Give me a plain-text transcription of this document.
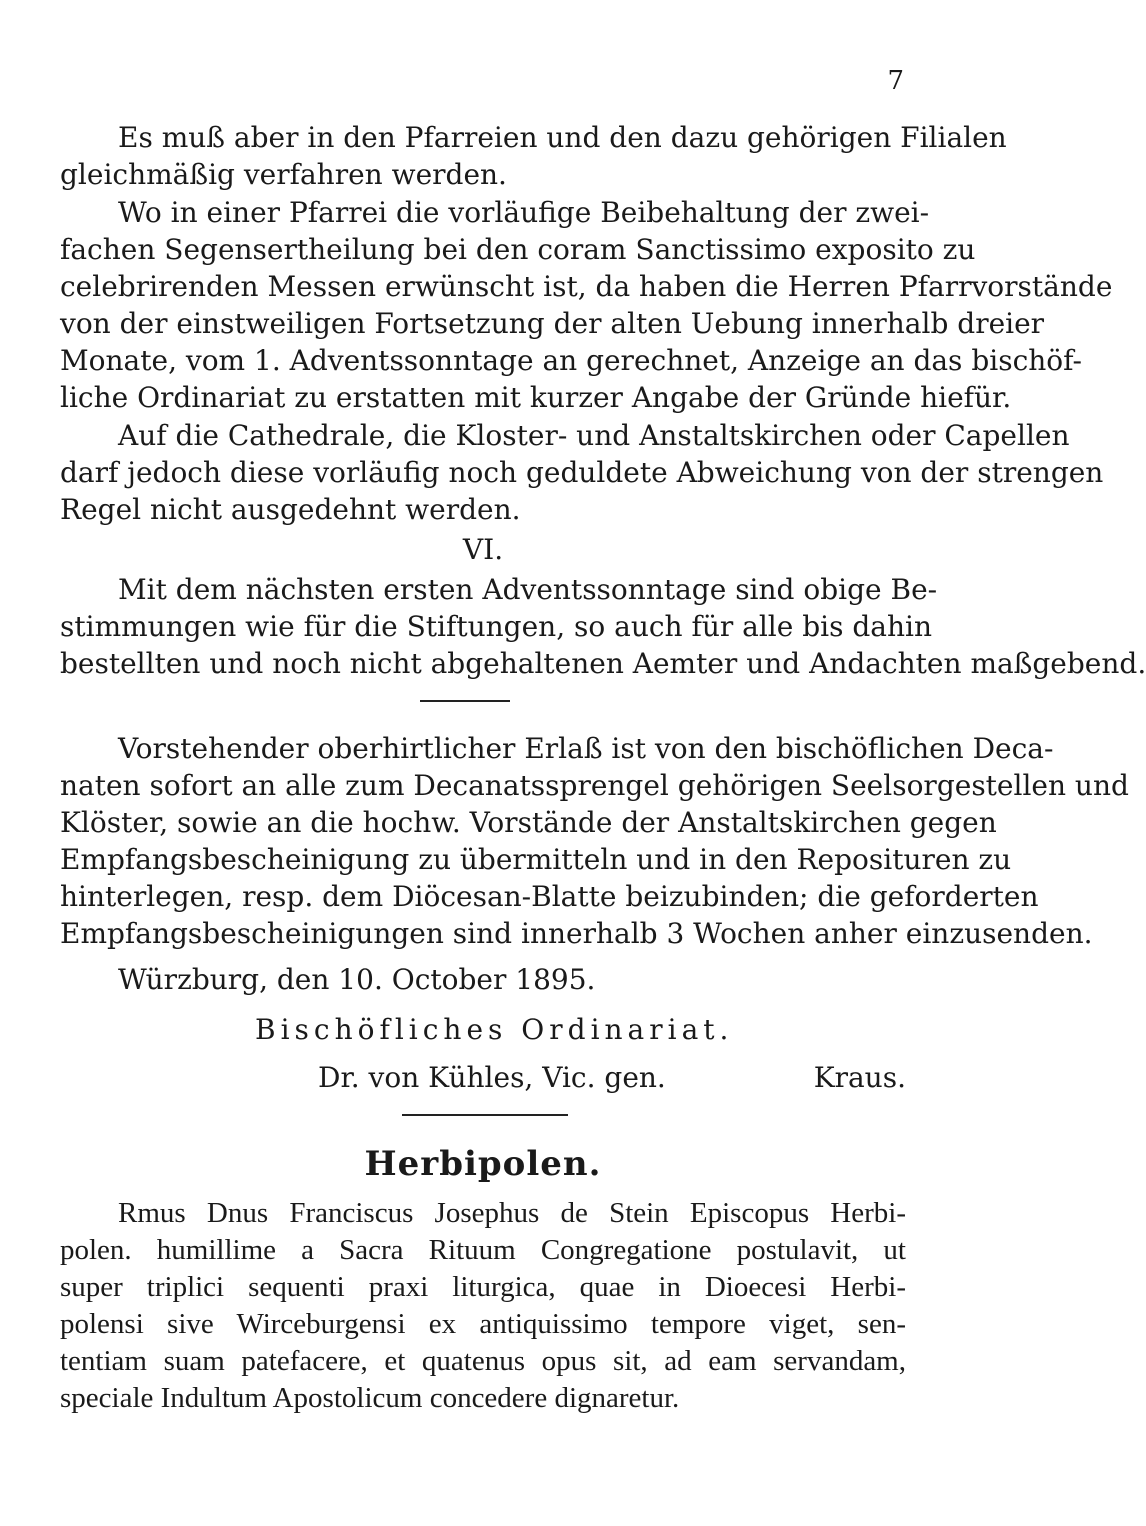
7
Es muß aber in den Pfarreien und den dazu gehörigen Filialen
gleichmäßig verfahren werden.
Wo in einer Pfarrei die vorläufige Beibehaltung der zwei-
fachen Segensertheilung bei den coram Sanctissimo exposito zu
celebrirenden Messen erwünscht ist, da haben die Herren Pfarrvorstände
von der einstweiligen Fortsetzung der alten Uebung innerhalb dreier
Monate, vom 1. Adventssonntage an gerechnet, Anzeige an das bischöf-
liche Ordinariat zu erstatten mit kurzer Angabe der Gründe hiefür.
Auf die Cathedrale, die Kloster- und Anstaltskirchen oder Capellen
darf jedoch diese vorläufig noch geduldete Abweichung von der strengen
Regel nicht ausgedehnt werden.
VI.
Mit dem nächsten ersten Adventssonntage sind obige Be-
stimmungen wie für die Stiftungen, so auch für alle bis dahin
bestellten und noch nicht abgehaltenen Aemter und Andachten maßgebend.
Vorstehender oberhirtlicher Erlaß ist von den bischöflichen Deca-
naten sofort an alle zum Decanatssprengel gehörigen Seelsorgestellen und
Klöster, sowie an die hochw. Vorstände der Anstaltskirchen gegen
Empfangsbescheinigung zu übermitteln und in den Reposituren zu
hinterlegen, resp. dem Diöcesan-Blatte beizubinden; die geforderten
Empfangsbescheinigungen sind innerhalb 3 Wochen anher einzusenden.
Würzburg, den 10. October 1895.
Bischöfliches Ordinariat.
Dr. von Kühles, Vic. gen.	Kraus.
Herbipolen.
Rmus Dnus Franciscus Josephus de Stein Episcopus Herbi-
polen. humillime a Sacra Rituum Congregatione postulavit, ut
super triplici sequenti praxi liturgica, quae in Dioecesi Herbi-
polensi sive Wirceburgensi ex antiquissimo tempore viget, sen-
tentiam suam patefacere, et quatenus opus sit, ad eam servandam,
speciale Indultum Apostolicum concedere dignaretur.
